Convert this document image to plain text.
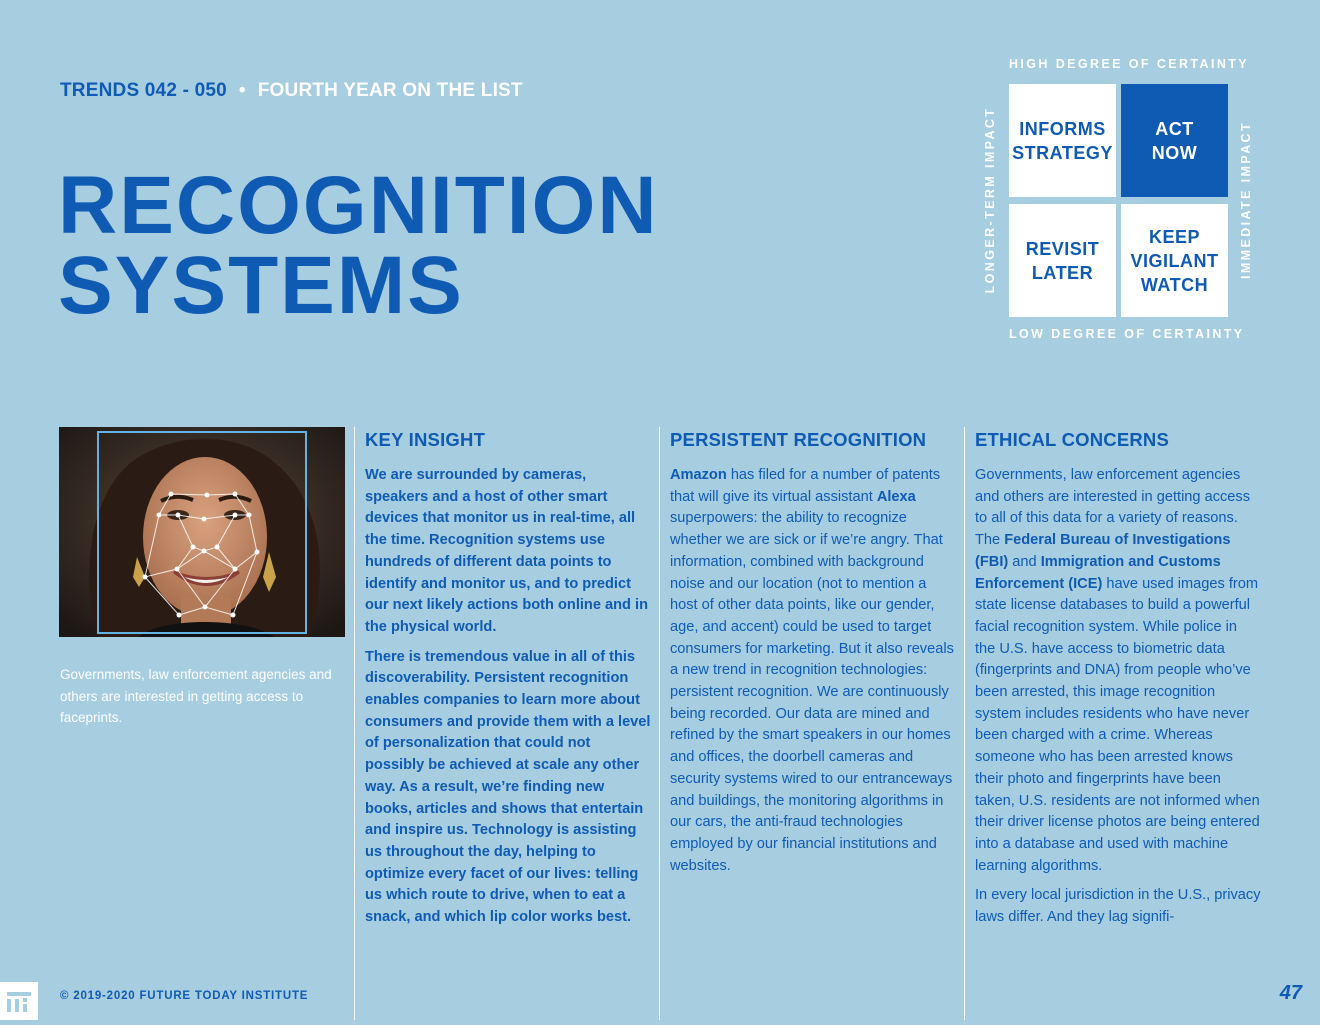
TRENDS 042 - 050 • FOURTH YEAR ON THE LIST
RECOGNITION
SYSTEMS
HIGH DEGREE OF CERTAINTY
LOW DEGREE OF CERTAINTY
LONGER-TERM IMPACT	IMMEDIATE IMPACT
INFORMS
STRATEGY
ACT
NOW
REVISIT
LATER
KEEP
VIGILANT
WATCH
Governments, law enforcement agencies and others are interested in getting access to faceprints.
KEY INSIGHT

We are surrounded by cameras, speakers and a host of other smart devices that monitor us in real-time, all the time. Recognition systems use hundreds of different data points to identify and monitor us, and to predict our next likely actions both online and in the physical world.

There is tremendous value in all of this discoverability. Persistent recognition enables companies to learn more about consumers and provide them with a level of personalization that could not possibly be achieved at scale any other way. As a result, we’re finding new books, articles and shows that entertain and inspire us. Technology is assisting us throughout the day, helping to optimize every facet of our lives: telling us which route to drive, when to eat a snack, and which lip color works best.

PERSISTENT RECOGNITION

Amazon has filed for a number of patents that will give its virtual assistant Alexa superpowers: the ability to recognize whether we are sick or if we’re angry. That information, combined with background noise and our location (not to mention a host of other data points, like our gender, age, and accent) could be used to target consumers for marketing. But it also reveals a new trend in recognition technologies: persistent recognition. We are continuously being recorded. Our data are mined and refined by the smart speakers in our homes and offices, the doorbell cameras and security systems wired to our entranceways and buildings, the monitoring algorithms in our cars, the anti-fraud technologies employed by our financial institutions and websites.

ETHICAL CONCERNS

Governments, law enforcement agencies and others are interested in getting access to all of this data for a variety of reasons. The Federal Bureau of Investigations (FBI) and Immigration and Customs Enforcement (ICE) have used images from state license databases to build a powerful facial recognition system. While police in the U.S. have access to biometric data (fingerprints and DNA) from people who’ve been arrested, this image recognition system includes residents who have never been charged with a crime. Whereas someone who has been arrested knows their photo and fingerprints have been taken, U.S. residents are not informed when their driver license photos are being entered into a database and used with machine learning algorithms.

In every local jurisdiction in the U.S., privacy laws differ. And they lag signifi-

© 2019-2020 FUTURE TODAY INSTITUTE	47
